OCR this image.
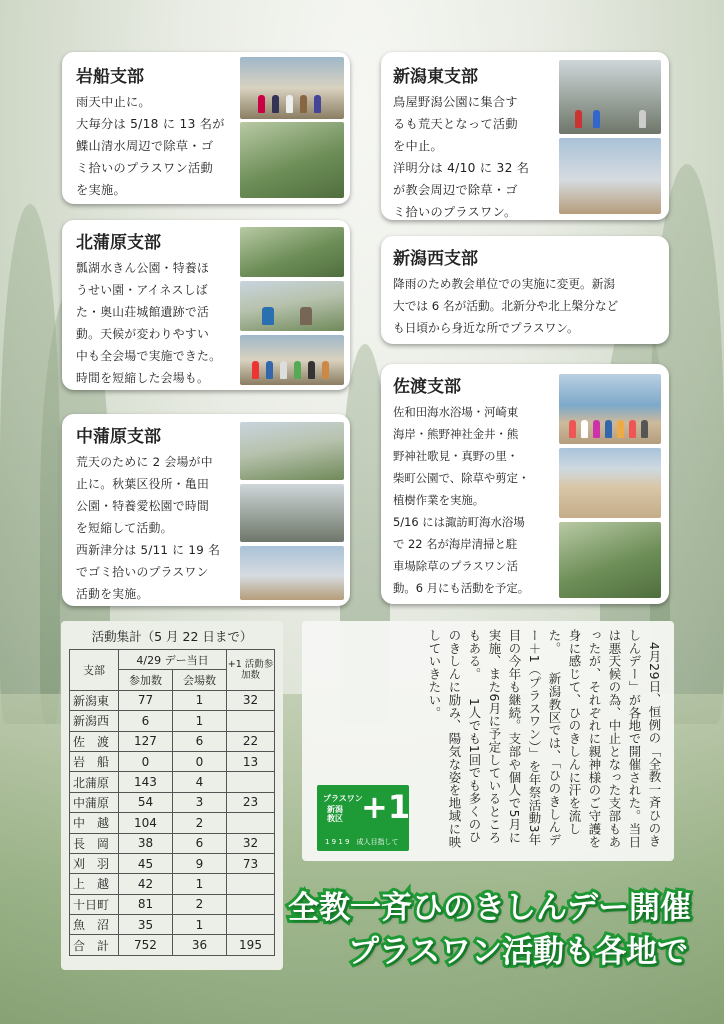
岩船支部

雨天中止に。
大毎分は 5/18 に 13 名が
鰈山清水周辺で除草・ゴ
ミ拾いのプラスワン活動
を実施。

北蒲原支部

瓢湖水きん公園・特養ほ
うせい園・アイネスしば
た・奥山荘城館遺跡で活
動。天候が変わりやすい
中も全会場で実施できた。
時間を短縮した会場も。

中蒲原支部

荒天のために 2 会場が中
止に。秋葉区役所・亀田
公園・特養愛松園で時間
を短縮して活動。
西新津分は 5/11 に 19 名
でゴミ拾いのプラスワン
活動を実施。

新潟東支部

鳥屋野潟公園に集合す
るも荒天となって活動
を中止。
洋明分は 4/10 に 32 名
が教会周辺で除草・ゴ
ミ拾いのプラスワン。

新潟西支部

降雨のため教会単位での実施に変更。新潟
大では 6 名が活動。北新分や北上槃分など
も日頃から身近な所でプラスワン。

佐渡支部

佐和田海水浴場・河崎東
海岸・熊野神社金井・熊
野神社歌見・真野の里・
柴町公園で、除草や剪定・
植樹作業を実施。
5/16 には諏訪町海水浴場
で 22 名が海岸清掃と駐
車場除草のプラスワン活
動。6 月にも活動を予定。

活動集計（5 月 22 日まで）
支部	4/29 デー当日		+1 活動参加数
	参加数	会場数	
新潟東	77	1	32
新潟西	6	1	
佐　渡	127	6	22
岩　船	0	0	13
北蒲原	143	4	
中蒲原	54	3	23
中　越	104	2	
長　岡	38	6	32
刈　羽	45	9	73
上　越	42	1	
十日町	81	2	
魚　沼	35	1	
合　計	752	36	195
　4月29日、恒例の「全教一斉ひのきしんデー」が各地で開催された。当日は悪天候の為、中止となった支部もあったが、それぞれに親神様のご守護を身に感じて、ひのきしんに汗を流した。 　新潟教区では、「ひのきしんデー＋1（プラスワン）」を年祭活動3年目の今年も継続。支部や個人で5月に実施、また6月に予定しているところもある。 　1人でも1回でも多くのひのきしんに励み、陽気な姿を地域に映していきたい。
プラスワン
新潟
教区 +1
1 9 1 9　成人目指して
全教一斉ひのきしんデー開催
プラスワン活動も各地で
